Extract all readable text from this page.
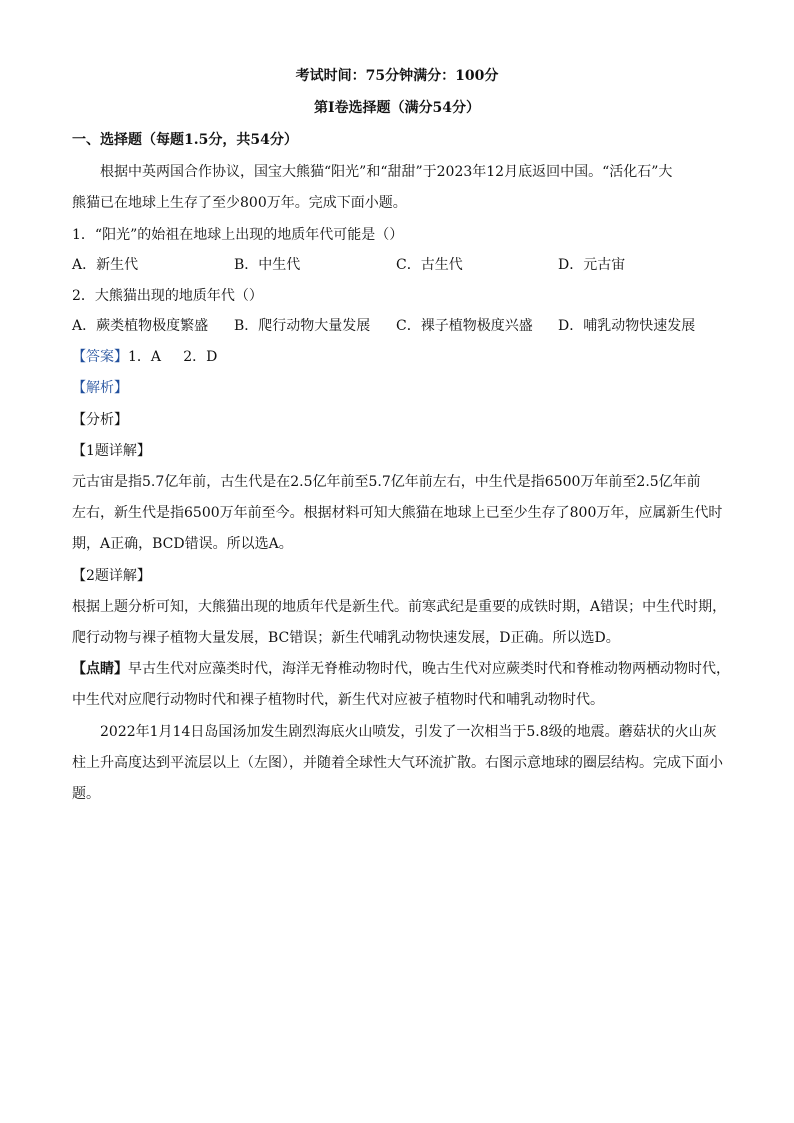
考试时间：75分钟满分：100分
第Ⅰ卷选择题（满分54分）
一、选择题（每题1.5分，共54分）
根据中英两国合作协议，国宝大熊猫“阳光”和“甜甜”于2023年12月底返回中国。“活化石”大
熊猫已在地球上生存了至少800万年。完成下面小题。
1．“阳光”的始祖在地球上出现的地质年代可能是（）
A．新生代	B．中生代	C．古生代	D．元古宙
2．大熊猫出现的地质年代（）
A．蕨类植物极度繁盛 B．爬行动物大量发展 C．裸子植物极度兴盛 D．哺乳动物快速发展
【答案】1．A     2．D
【解析】
【分析】
【1题详解】
元古宙是指5.7亿年前，古生代是在2.5亿年前至5.7亿年前左右，中生代是指6500万年前至2.5亿年前
左右，新生代是指6500万年前至今。根据材料可知大熊猫在地球上已至少生存了800万年，应属新生代时
期，A正确，BCD错误。所以选A。
【2题详解】
根据上题分析可知，大熊猫出现的地质年代是新生代。前寒武纪是重要的成铁时期，A错误；中生代时期，
爬行动物与裸子植物大量发展，BC错误；新生代哺乳动物快速发展，D正确。所以选D。
【点睛】早古生代对应藻类时代，海洋无脊椎动物时代，晚古生代对应蕨类时代和脊椎动物两栖动物时代，
中生代对应爬行动物时代和裸子植物时代，新生代对应被子植物时代和哺乳动物时代。
2022年1月14日岛国汤加发生剧烈海底火山喷发，引发了一次相当于5.8级的地震。蘑菇状的火山灰
柱上升高度达到平流层以上（左图），并随着全球性大气环流扩散。右图示意地球的圈层结构。完成下面小
题。
